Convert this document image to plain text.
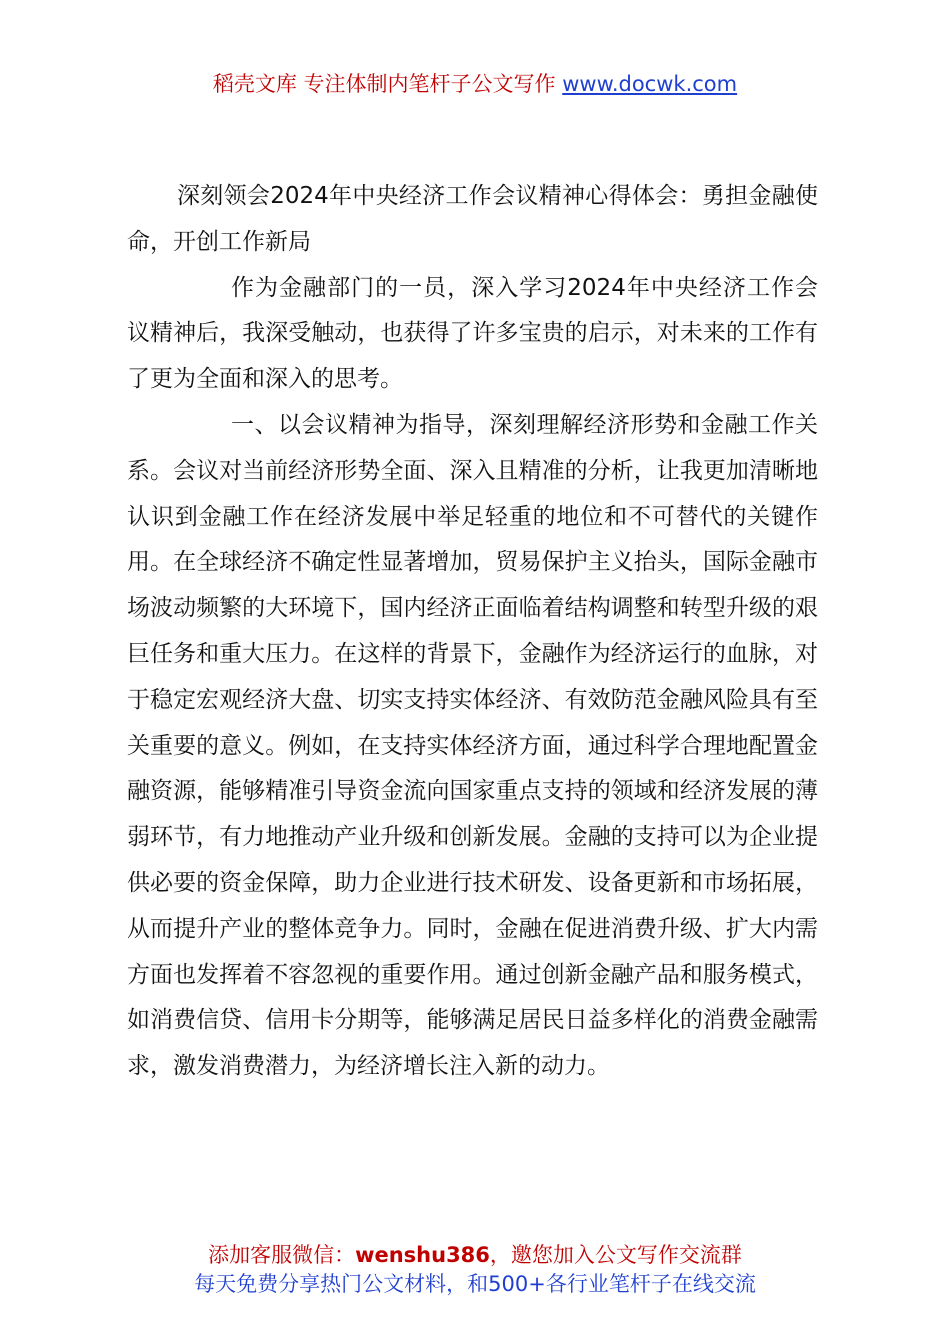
稻壳文库 专注体制内笔杆子公文写作 www.docwk.com

深刻领会2024年中央经济工作会议精神心得体会：勇担金融使命，开创工作新局

作为金融部门的一员，深入学习2024年中央经济工作会议精神后，我深受触动，也获得了许多宝贵的启示，对未来的工作有了更为全面和深入的思考。

一、以会议精神为指导，深刻理解经济形势和金融工作关系。会议对当前经济形势全面、深入且精准的分析，让我更加清晰地认识到金融工作在经济发展中举足轻重的地位和不可替代的关键作用。在全球经济不确定性显著增加，贸易保护主义抬头，国际金融市场波动频繁的大环境下，国内经济正面临着结构调整和转型升级的艰巨任务和重大压力。在这样的背景下，金融作为经济运行的血脉，对于稳定宏观经济大盘、切实支持实体经济、有效防范金融风险具有至关重要的意义。例如，在支持实体经济方面，通过科学合理地配置金融资源，能够精准引导资金流向国家重点支持的领域和经济发展的薄弱环节，有力地推动产业升级和创新发展。金融的支持可以为企业提供必要的资金保障，助力企业进行技术研发、设备更新和市场拓展，从而提升产业的整体竞争力。同时，金融在促进消费升级、扩大内需方面也发挥着不容忽视的重要作用。通过创新金融产品和服务模式，如消费信贷、信用卡分期等，能够满足居民日益多样化的消费金融需求，激发消费潜力，为经济增长注入新的动力。

添加客服微信：wenshu386，邀您加入公文写作交流群
每天免费分享热门公文材料，和500+各行业笔杆子在线交流
